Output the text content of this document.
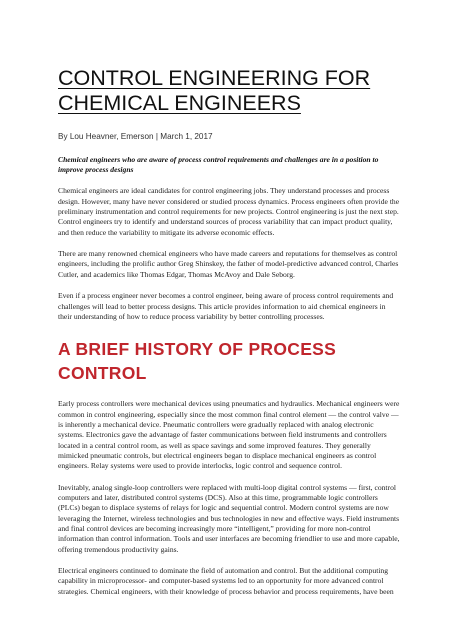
CONTROL ENGINEERING FOR
CHEMICAL ENGINEERS

By Lou Heavner, Emerson | March 1, 2017

Chemical engineers who are aware of process control requirements and challenges are in a position to
improve process designs

Chemical engineers are ideal candidates for control engineering jobs. They understand processes and process
design. However, many have never considered or studied process dynamics. Process engineers often provide the
preliminary instrumentation and control requirements for new projects. Control engineering is just the next step.
Control engineers try to identify and understand sources of process variability that can impact product quality,
and then reduce the variability to mitigate its adverse economic effects.

There are many renowned chemical engineers who have made careers and reputations for themselves as control
engineers, including the prolific author Greg Shinskey, the father of model-predictive advanced control, Charles
Cutler, and academics like Thomas Edgar, Thomas McAvoy and Dale Seborg.

Even if a process engineer never becomes a control engineer, being aware of process control requirements and
challenges will lead to better process designs. This article provides information to aid chemical engineers in
their understanding of how to reduce process variability by better controlling processes.

A BRIEF HISTORY OF PROCESS
CONTROL

Early process controllers were mechanical devices using pneumatics and hydraulics. Mechanical engineers were
common in control engineering, especially since the most common final control element — the control valve —
is inherently a mechanical device. Pneumatic controllers were gradually replaced with analog electronic
systems. Electronics gave the advantage of faster communications between field instruments and controllers
located in a central control room, as well as space savings and some improved features. They generally
mimicked pneumatic controls, but electrical engineers began to displace mechanical engineers as control
engineers. Relay systems were used to provide interlocks, logic control and sequence control.

Inevitably, analog single-loop controllers were replaced with multi-loop digital control systems — first, control
computers and later, distributed control systems (DCS). Also at this time, programmable logic controllers
(PLCs) began to displace systems of relays for logic and sequential control. Modern control systems are now
leveraging the Internet, wireless technologies and bus technologies in new and effective ways. Field instruments
and final control devices are becoming increasingly more “intelligent,” providing for more non-control
information than control information. Tools and user interfaces are becoming friendlier to use and more capable,
offering tremendous productivity gains.

Electrical engineers continued to dominate the field of automation and control. But the additional computing
capability in microprocessor- and computer-based systems led to an opportunity for more advanced control
strategies. Chemical engineers, with their knowledge of process behavior and process requirements, have been
